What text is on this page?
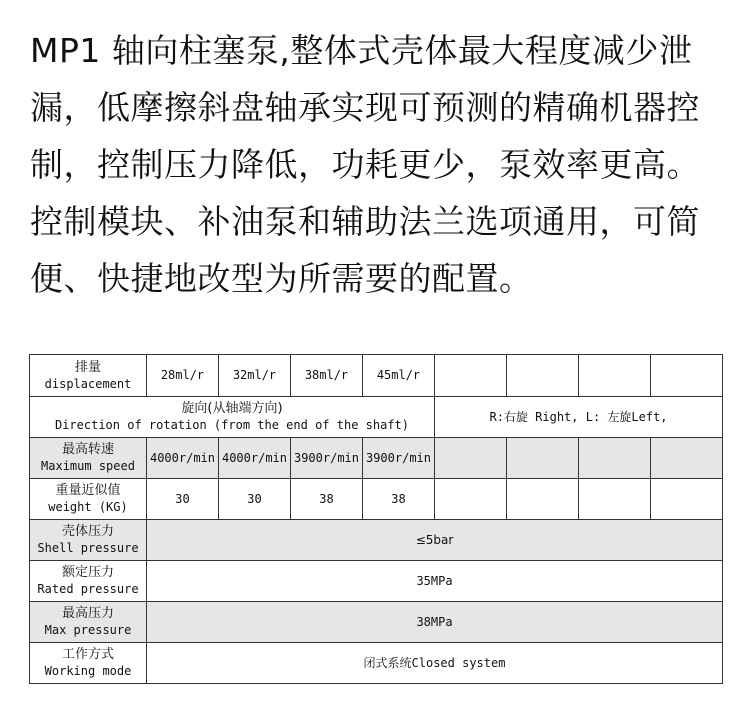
MP1 轴向柱塞泵,整体式壳体最大程度减少泄漏，低摩擦斜盘轴承实现可预测的精确机器控制，控制压力降低，功耗更少，泵效率更高。控制模块、补油泵和辅助法兰选项通用，可简便、快捷地改型为所需要的配置。
排量
displacement	28ml/r	32ml/r	38ml/r	45ml/r				

旋向(从轴端方向)
Direction of rotation (from the end of the shaft)					R:右旋 Right, L: 左旋Left,			

最高转速
Maximum speed	4000r/min	4000r/min	3900r/min	3900r/min				

重量近似值
weight (KG)	30	30	38	38				

壳体压力
Shell pressure	≤5bar							

额定压力
Rated pressure	35MPa							

最高压力
Max pressure	38MPa							

工作方式
Working mode	闭式系统Closed system							
